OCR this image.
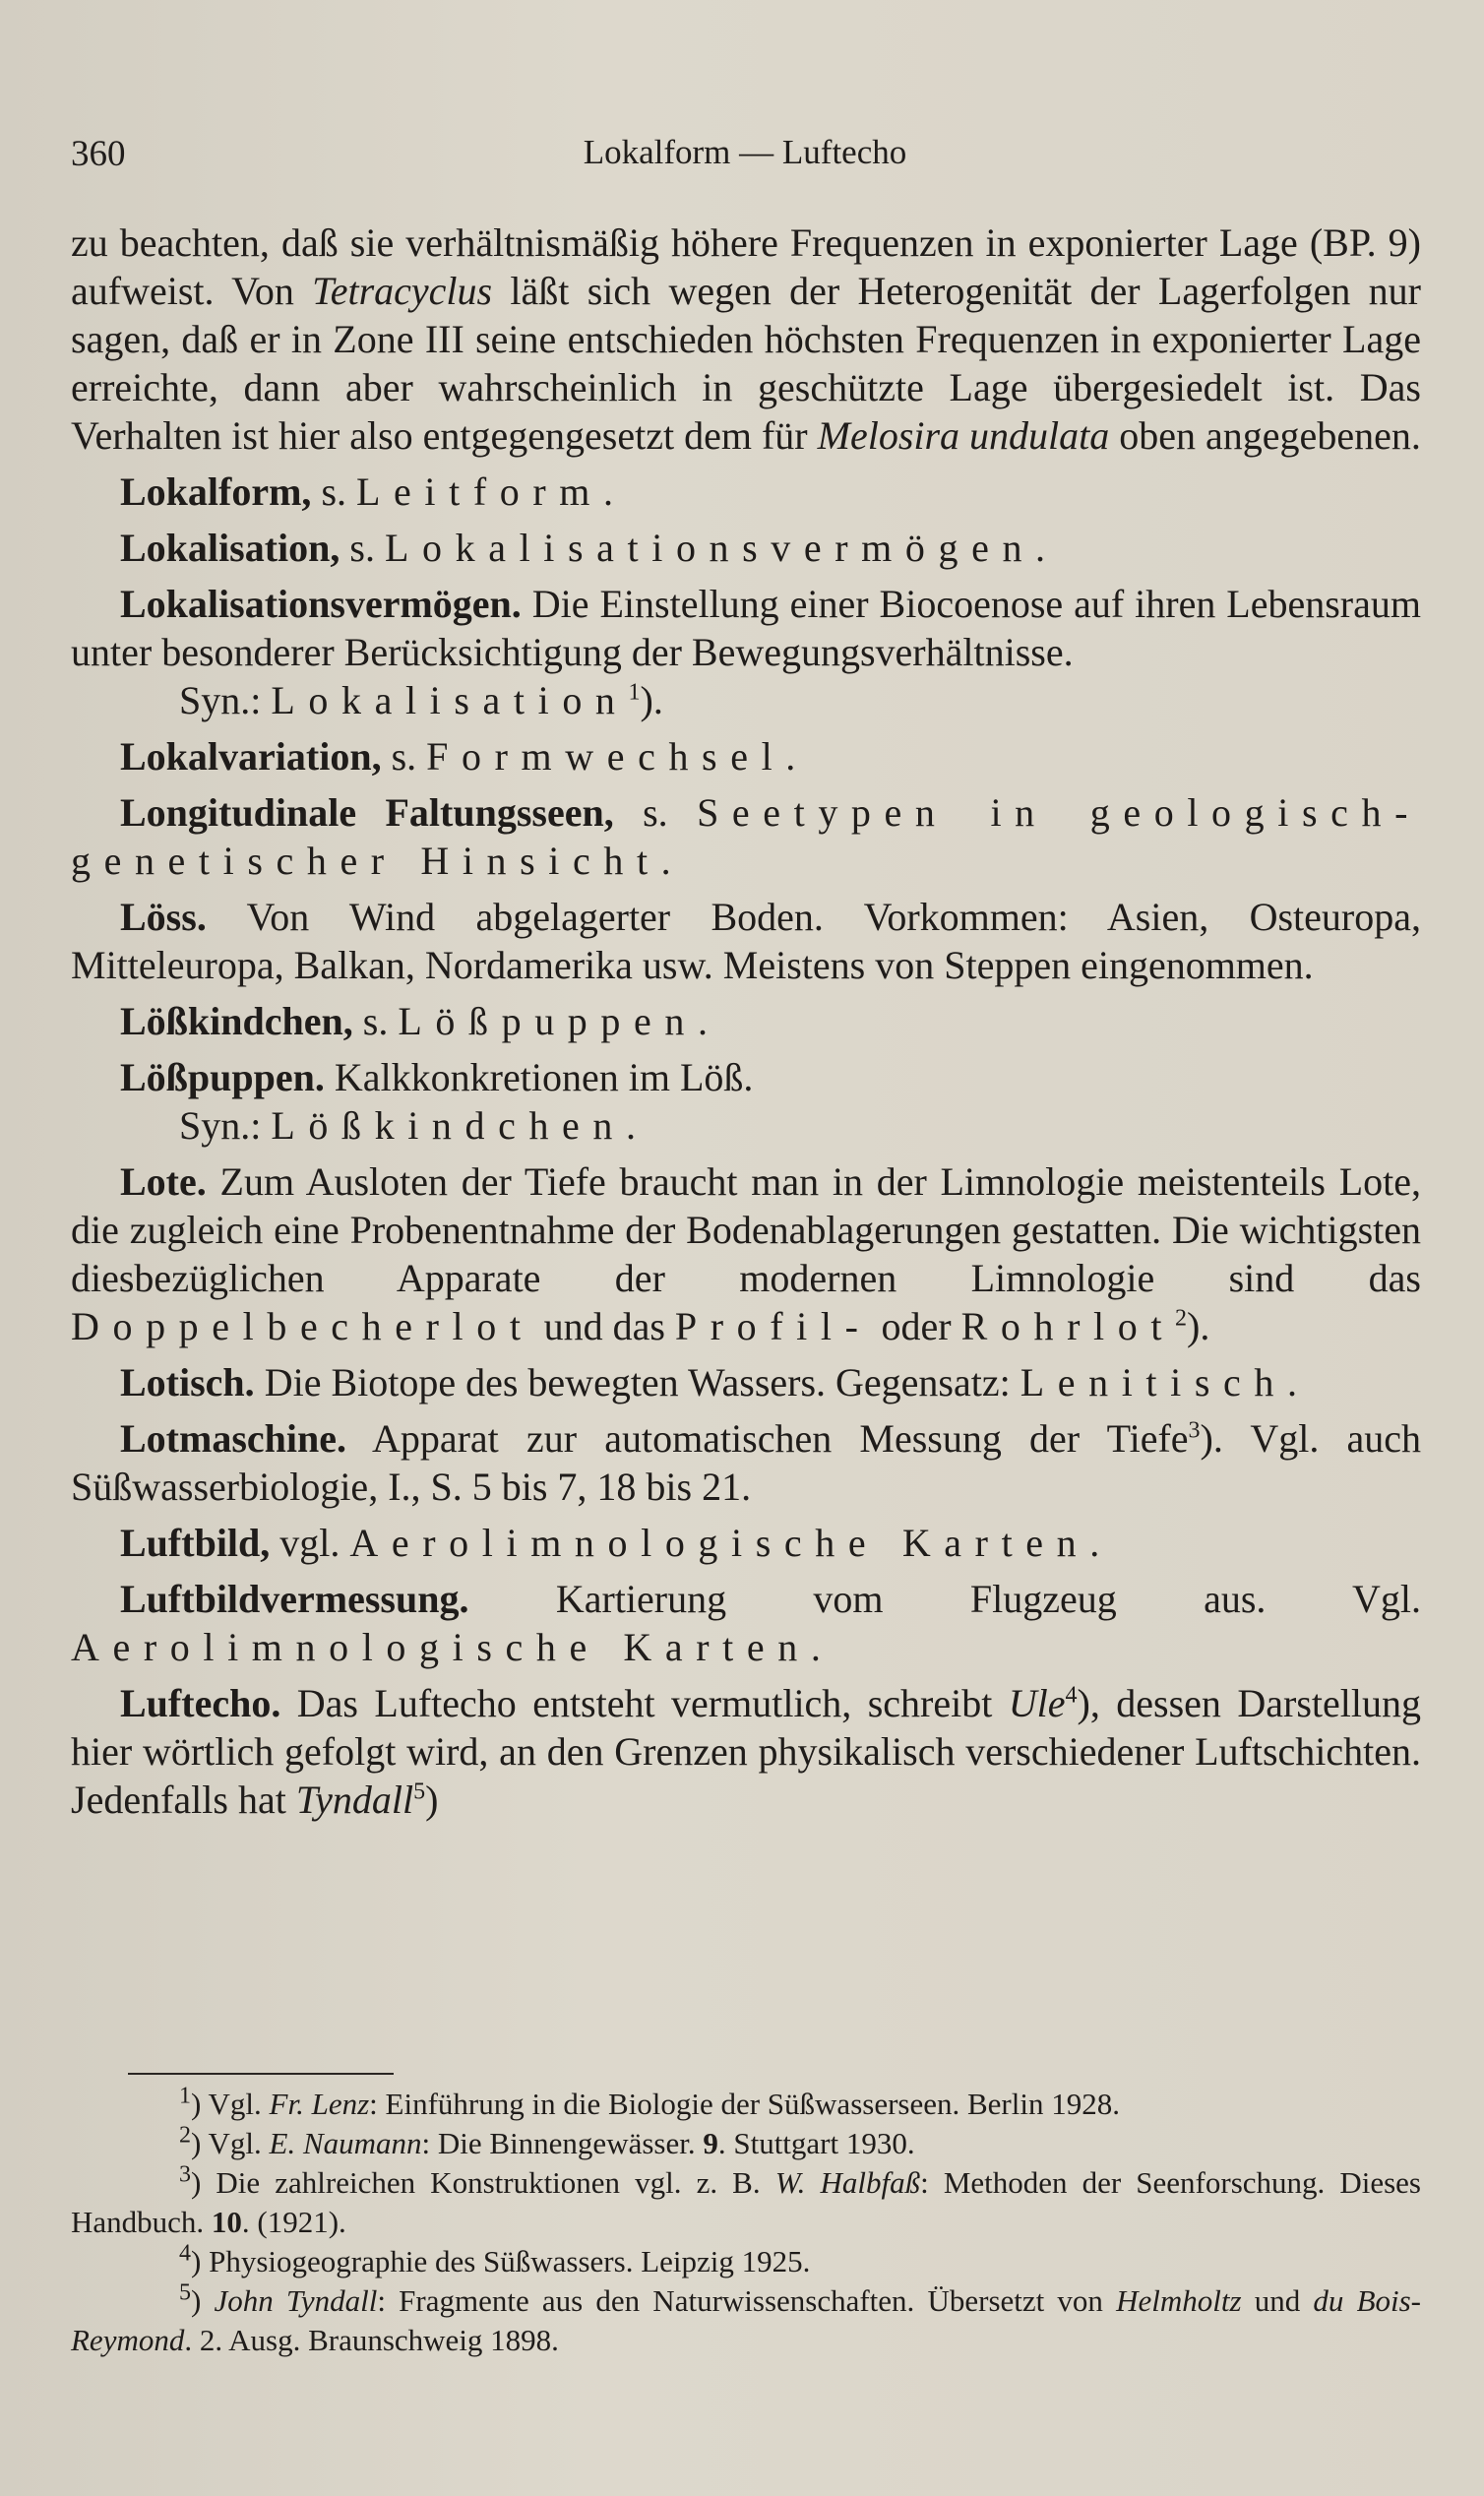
360	Lokalform — Luftecho

zu beachten, daß sie verhältnismäßig höhere Frequenzen in exponierter Lage (BP. 9) aufweist. Von Tetracyclus läßt sich wegen der Heterogenität der Lagerfolgen nur sagen, daß er in Zone III seine entschieden höchsten Frequenzen in exponierter Lage erreichte, dann aber wahrscheinlich in geschützte Lage übergesiedelt ist. Das Verhalten ist hier also entgegengesetzt dem für Melosira undulata oben angegebenen.

Lokalform, s. Leitform.

Lokalisation, s. Lokalisationsvermögen.

Lokalisationsvermögen. Die Einstellung einer Biocoenose auf ihren Lebensraum unter besonderer Berücksichtigung der Bewegungsverhältnisse.

Syn.: Lokalisation$^1$).

Lokalvariation, s. Formwechsel.

Longitudinale Faltungsseen, s. Seetypen in geologisch-genetischer Hinsicht.

Löss. Von Wind abgelagerter Boden. Vorkommen: Asien, Osteuropa, Mitteleuropa, Balkan, Nordamerika usw. Meistens von Steppen eingenommen.

Lößkindchen, s. Lößpuppen.

Lößpuppen. Kalkkonkretionen im Löß.

Syn.: Lößkindchen.

Lote. Zum Ausloten der Tiefe braucht man in der Limnologie meistenteils Lote, die zugleich eine Probenentnahme der Bodenablagerungen gestatten. Die wichtigsten diesbezüglichen Apparate der modernen Limnologie sind das Doppelbecherlot und das Profil- oder Rohrlot$^2$).

Lotisch. Die Biotope des bewegten Wassers. Gegensatz: Lenitisch.

Lotmaschine. Apparat zur automatischen Messung der Tiefe$^3$). Vgl. auch Süßwasserbiologie, I., S. 5 bis 7, 18 bis 21.

Luftbild, vgl. Aerolimnologische Karten.

Luftbildvermessung. Kartierung vom Flugzeug aus. Vgl. Aerolimnologische Karten.

Luftecho. Das Luftecho entsteht vermutlich, schreibt Ule$^4$), dessen Darstellung hier wörtlich gefolgt wird, an den Grenzen physikalisch verschiedener Luftschichten. Jedenfalls hat Tyndall$^5$)

$^1$) Vgl. Fr. Lenz: Einführung in die Biologie der Süßwasserseen. Berlin 1928.

$^2$) Vgl. E. Naumann: Die Binnengewässer. 9. Stuttgart 1930.

$^3$) Die zahlreichen Konstruktionen vgl. z. B. W. Halbfaß: Methoden der Seenforschung. Dieses Handbuch. 10. (1921).

$^4$) Physiogeographie des Süßwassers. Leipzig 1925.

$^5$) John Tyndall: Fragmente aus den Naturwissenschaften. Übersetzt von Helmholtz und du Bois-Reymond. 2. Ausg. Braunschweig 1898.
